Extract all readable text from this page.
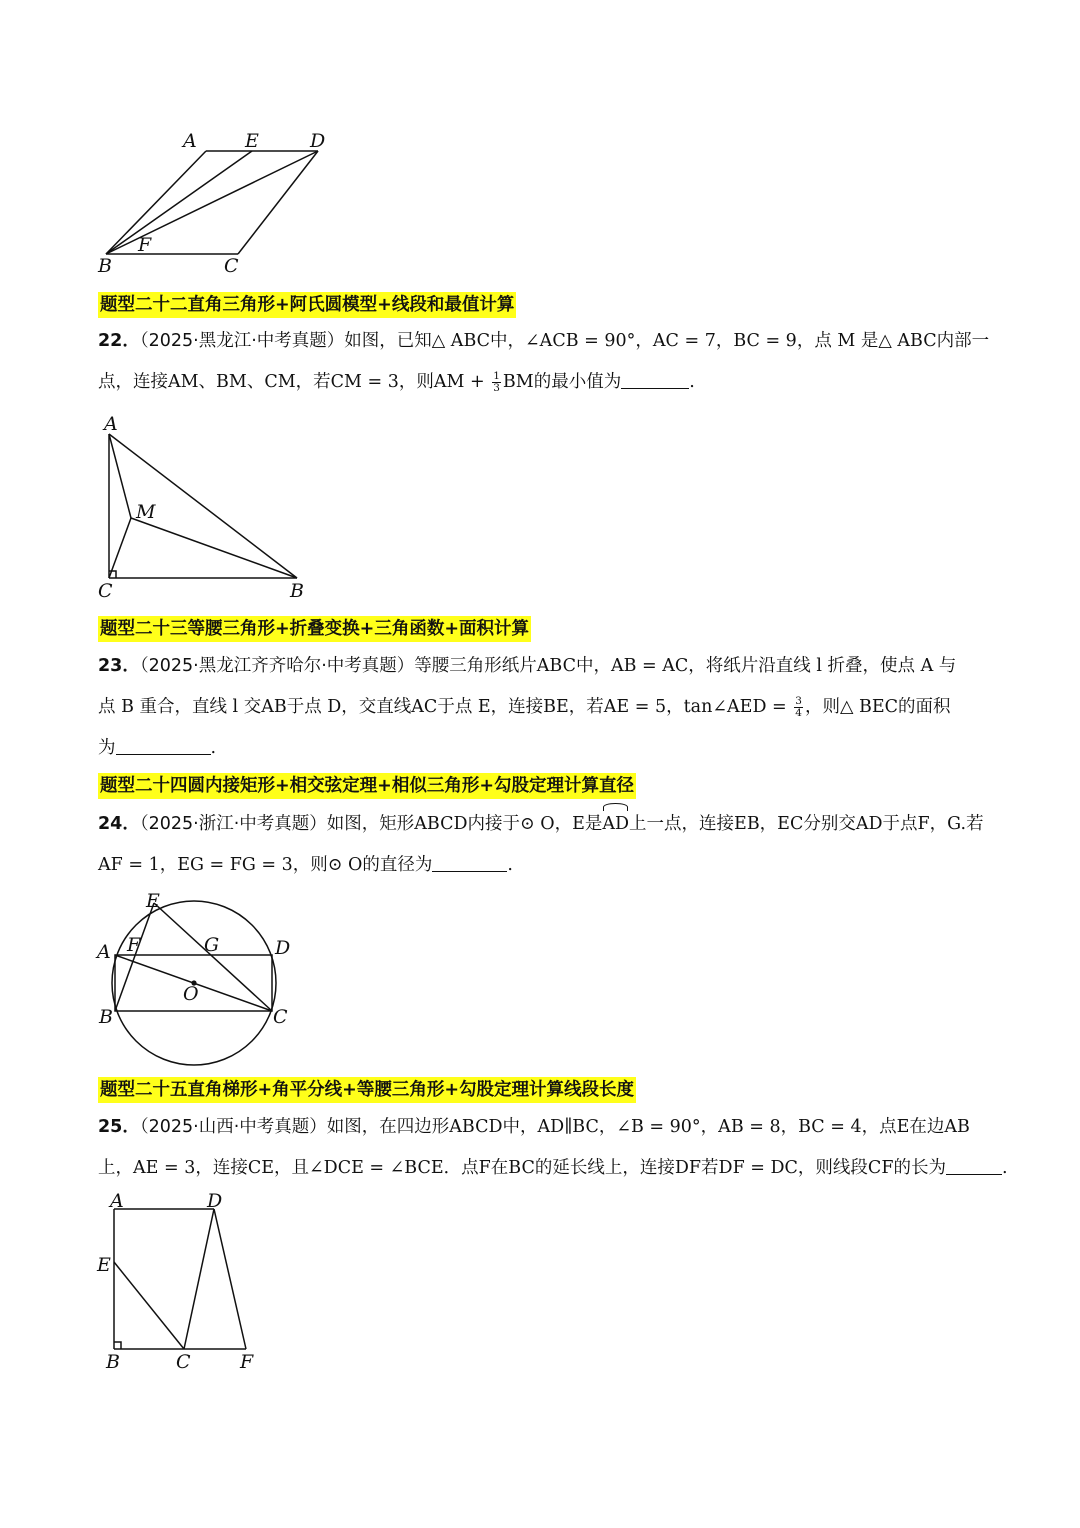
A	E	D
F
B	C
题型二十二直角三角形+阿氏圆模型+线段和最值计算

22．（2025·黑龙江·中考真题）如图，已知△ ABC中，∠ACB = 90°，AC = 7，BC = 9，点 M 是△ ABC内部一

点，连接AM、BM、CM，若CM = 3，则AM + $\frac{1}{3}$ BM的最小值为	.

A
M
C	B
题型二十三等腰三角形+折叠变换+三角函数+面积计算

23．（2025·黑龙江齐齐哈尔·中考真题）等腰三角形纸片ABC中，AB = AC，将纸片沿直线 l 折叠，使点 A 与

点 B 重合，直线 l 交AB于点 D，交直线AC于点 E，连接BE，若AE = 5，tan∠AED = $\frac{3}{4}$ ，则△ BEC的面积

为	.

题型二十四圆内接矩形+相交弦定理+相似三角形+勾股定理计算直径

24．（2025·浙江·中考真题）如图，矩形ABCD内接于⊙ O，E是AD上一点，连接EB，EC分别交AD于点F，G.若

AF = 1，EG = FG = 3，则⊙ O的直径为	.

E
A F	G	D
O
B	C
题型二十五直角梯形+角平分线+等腰三角形+勾股定理计算线段长度

25．（2025·山西·中考真题）如图，在四边形ABCD中，AD∥BC，∠B = 90°，AB = 8，BC = 4，点E在边AB

上，AE = 3，连接CE，且∠DCE = ∠BCE．点F在BC的延长线上，连接DF若DF = DC，则线段CF的长为	.

A	D
E
B	C	F
